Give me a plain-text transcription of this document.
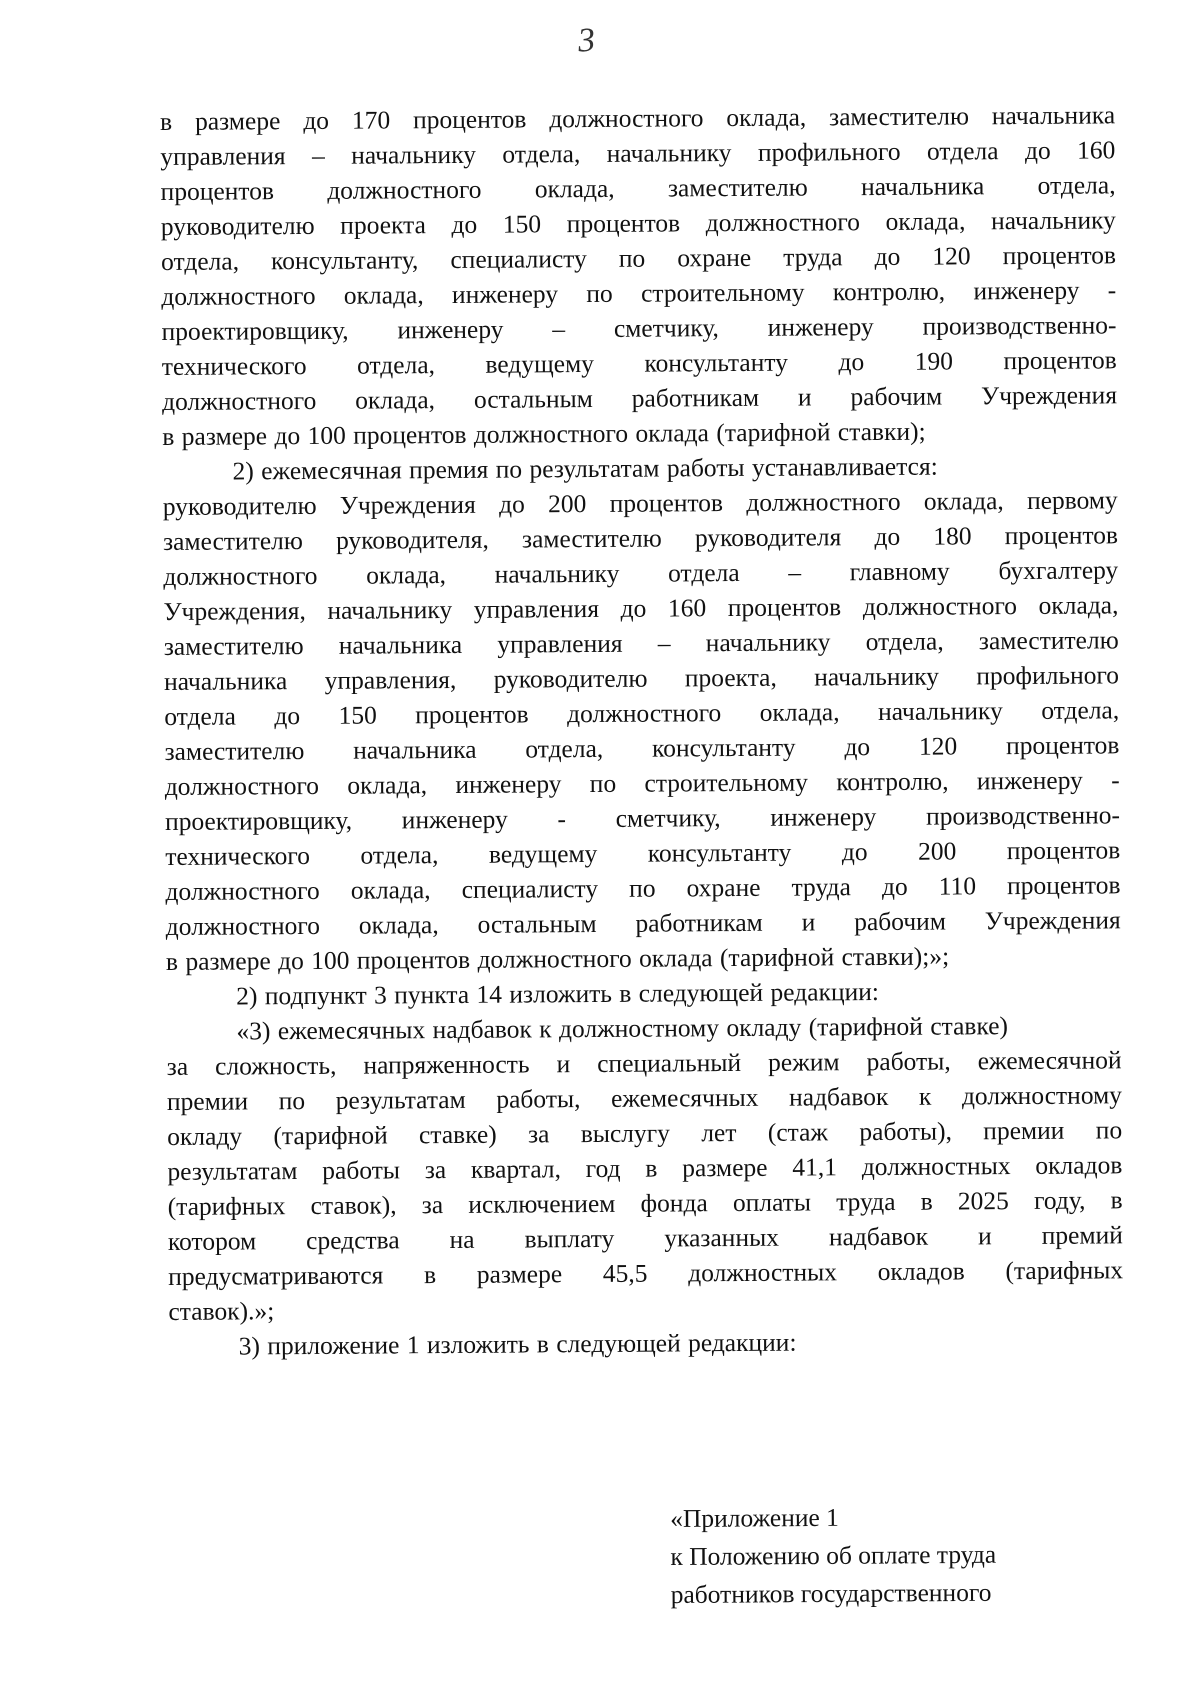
3
в размере до 170 процентов должностного оклада, заместителю начальника
управления – начальнику отдела, начальнику профильного отдела до 160
процентов должностного оклада, заместителю начальника отдела,
руководителю проекта до 150 процентов должностного оклада, начальнику
отдела, консультанту, специалисту по охране труда до 120 процентов
должностного оклада, инженеру по строительному контролю, инженеру -
проектировщику, инженеру – сметчику, инженеру производственно-
технического отдела, ведущему консультанту до 190 процентов
должностного оклада, остальным работникам и рабочим Учреждения
в размере до 100 процентов должностного оклада (тарифной ставки);
2) ежемесячная премия по результатам работы устанавливается:
руководителю Учреждения до 200 процентов должностного оклада, первому
заместителю руководителя, заместителю руководителя до 180 процентов
должностного оклада, начальнику отдела – главному бухгалтеру
Учреждения, начальнику управления до 160 процентов должностного оклада,
заместителю начальника управления – начальнику отдела, заместителю
начальника управления, руководителю проекта, начальнику профильного
отдела до 150 процентов должностного оклада, начальнику отдела,
заместителю начальника отдела, консультанту до 120 процентов
должностного оклада, инженеру по строительному контролю, инженеру -
проектировщику, инженеру - сметчику, инженеру производственно-
технического отдела, ведущему консультанту до 200 процентов
должностного оклада, специалисту по охране труда до 110 процентов
должностного оклада, остальным работникам и рабочим Учреждения
в размере до 100 процентов должностного оклада (тарифной ставки);»;
2) подпункт 3 пункта 14 изложить в следующей редакции:
«3) ежемесячных надбавок к должностному окладу (тарифной ставке)
за сложность, напряженность и специальный режим работы, ежемесячной
премии по результатам работы, ежемесячных надбавок к должностному
окладу (тарифной ставке) за выслугу лет (стаж работы), премии по
результатам работы за квартал, год в размере 41,1 должностных окладов
(тарифных ставок), за исключением фонда оплаты труда в 2025 году, в
котором средства на выплату указанных надбавок и премий
предусматриваются в размере 45,5 должностных окладов (тарифных
ставок).»;
3) приложение 1 изложить в следующей редакции:
«Приложение 1
к Положению об оплате труда
работников государственного
